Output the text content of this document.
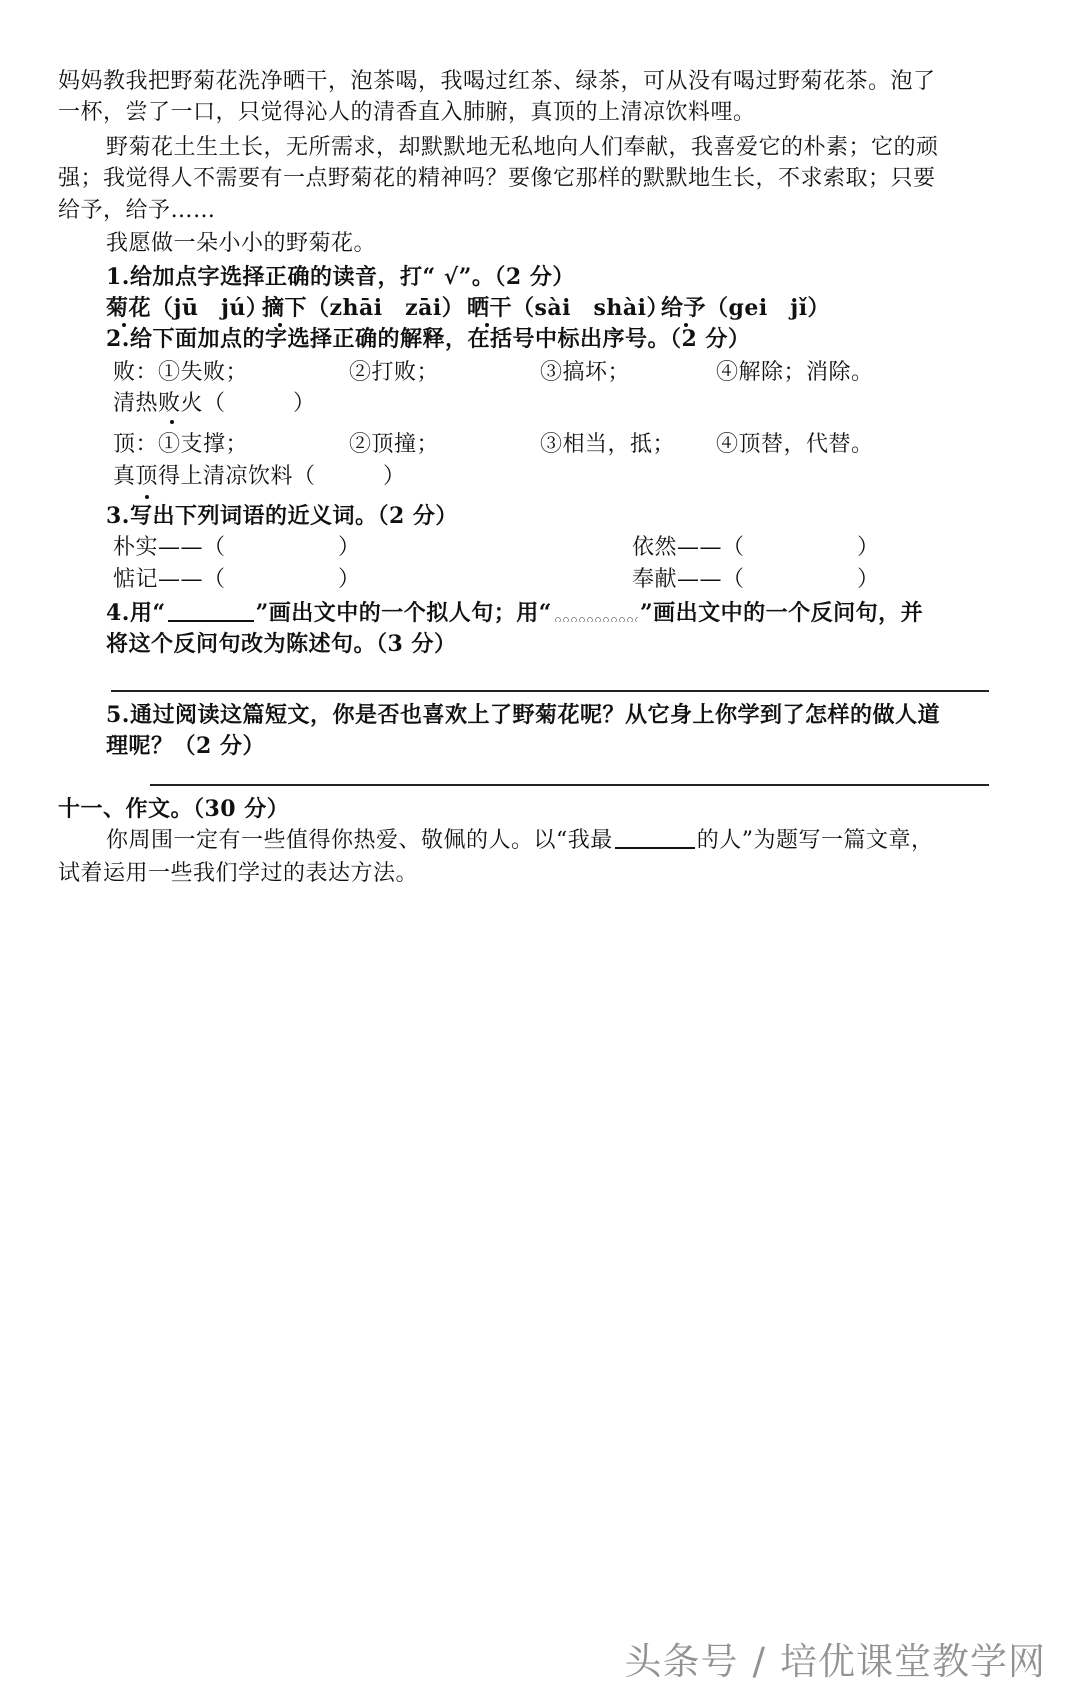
妈妈教我把野菊花洗净晒干，泡茶喝，我喝过红茶、绿茶，可从没有喝过野菊花茶。泡了
一杯，尝了一口，只觉得沁人的清香直入肺腑，真顶的上清凉饮料哩。
野菊花土生土长，无所需求，却默默地无私地向人们奉献，我喜爱它的朴素；它的顽
强；我觉得人不需要有一点野菊花的精神吗？要像它那样的默默地生长，不求索取；只要
给予，给予……
我愿做一朵小小的野菊花。
1.给加点字选择正确的读音，打“ √”。（2 分）
菊花（jū　jú）
摘下（zhāi　zāi） 晒干（sài　shài）
给予（gei　jǐ）
2.给下面加点的字选择正确的解释，在括号中标出序号。（2 分）
败：①失败；	②打败；	③搞坏；	④解除；消除。
清热败火（　　　）
顶：①支撑；	②顶撞；	③相当，抵； ④顶替，代替。
真顶得上清凉饮料（　　　）
3.写出下列词语的近义词。（2 分）
朴实——（　　　　　）	依然——（　　　　　）
惦记——（　　　　　）	奉献——（　　　　　）
4.用“	”画出文中的一个拟人句；用“	”画出文中的一个反问句，并
将这个反问句改为陈述句。（3 分）
5.通过阅读这篇短文，你是否也喜欢上了野菊花呢？从它身上你学到了怎样的做人道
理呢？（2 分）
十一、作文。（30 分）
你周围一定有一些值得你热爱、敬佩的人。以“我最	的人”为题写一篇文章，
试着运用一些我们学过的表达方法。
头条号 / 培优课堂教学网
